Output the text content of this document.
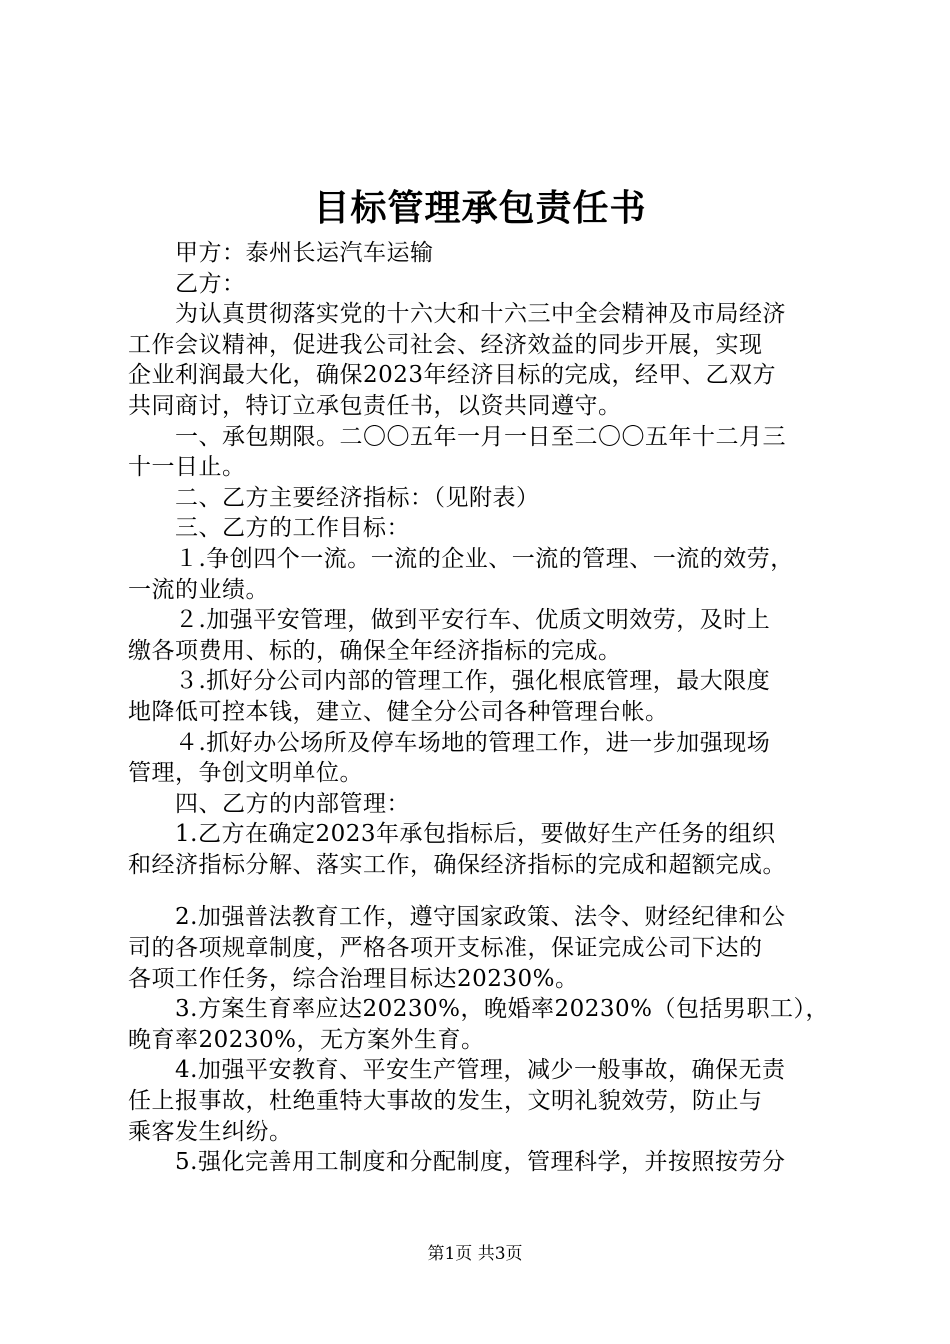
目标管理承包责任书
　　甲方：泰州长运汽车运输
　　乙方：
　　为认真贯彻落实党的十六大和十六三中全会精神及市局经济
工作会议精神，促进我公司社会、经济效益的同步开展，实现
企业利润最大化，确保2023年经济目标的完成，经甲、乙双方
共同商讨，特订立承包责任书，以资共同遵守。
　　一、承包期限。二〇〇五年一月一日至二〇〇五年十二月三
十一日止。
　　二、乙方主要经济指标：（见附表）
　　三、乙方的工作目标：
　　１.争创四个一流。一流的企业、一流的管理、一流的效劳，
一流的业绩。
　　２.加强平安管理，做到平安行车、优质文明效劳，及时上
缴各项费用、标的，确保全年经济指标的完成。
　　３.抓好分公司内部的管理工作，强化根底管理，最大限度
地降低可控本钱，建立、健全分公司各种管理台帐。
　　４.抓好办公场所及停车场地的管理工作，进一步加强现场
管理，争创文明单位。
　　四、乙方的内部管理：
　　1.乙方在确定2023年承包指标后，要做好生产任务的组织
和经济指标分解、落实工作，确保经济指标的完成和超额完成。
　　2.加强普法教育工作，遵守国家政策、法令、财经纪律和公
司的各项规章制度，严格各项开支标准，保证完成公司下达的
各项工作任务，综合治理目标达20230%。
　　3.方案生育率应达20230%，晚婚率20230%（包括男职工），
晚育率20230%，无方案外生育。
　　4.加强平安教育、平安生产管理，减少一般事故，确保无责
任上报事故，杜绝重特大事故的发生，文明礼貌效劳，防止与
乘客发生纠纷。
　　5.强化完善用工制度和分配制度，管理科学，并按照按劳分
第1页 共3页
